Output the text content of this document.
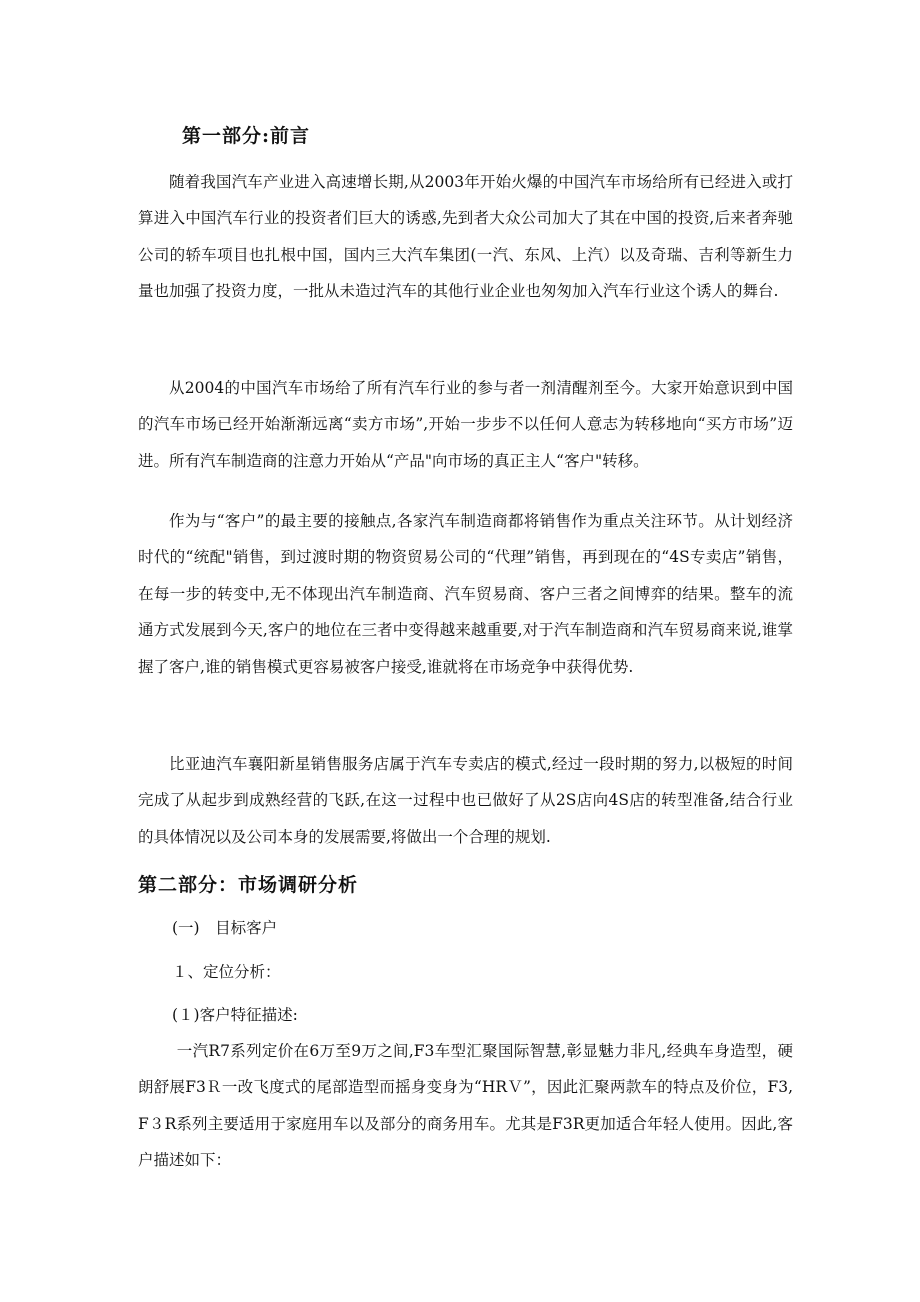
第一部分:前言

随着我国汽车产业进入高速增长期,从2003年开始火爆的中国汽车市场给所有已经进入或打算进入中国汽车行业的投资者们巨大的诱惑,先到者大众公司加大了其在中国的投资,后来者奔驰公司的轿车项目也扎根中国，国内三大汽车集团(一汽、东风、上汽）以及奇瑞、吉利等新生力量也加强了投资力度，一批从未造过汽车的其他行业企业也匆匆加入汽车行业这个诱人的舞台.

从2004的中国汽车市场给了所有汽车行业的参与者一剂清醒剂至今。大家开始意识到中国的汽车市场已经开始渐渐远离“卖方市场”,开始一步步不以任何人意志为转移地向“买方市场”迈进。所有汽车制造商的注意力开始从“产品"向市场的真正主人“客户"转移。

作为与“客户”的最主要的接触点,各家汽车制造商都将销售作为重点关注环节。从计划经济时代的“统配"销售，到过渡时期的物资贸易公司的“代理”销售，再到现在的“4S专卖店”销售，在每一步的转变中,无不体现出汽车制造商、汽车贸易商、客户三者之间博弈的结果。整车的流通方式发展到今天,客户的地位在三者中变得越来越重要,对于汽车制造商和汽车贸易商来说,谁掌握了客户,谁的销售模式更容易被客户接受,谁就将在市场竞争中获得优势.

比亚迪汽车襄阳新星销售服务店属于汽车专卖店的模式,经过一段时期的努力,以极短的时间完成了从起步到成熟经营的飞跃,在这一过程中也已做好了从2S店向4S店的转型准备,结合行业的具体情况以及公司本身的发展需要,将做出一个合理的规划.

第二部分：市场调研分析

(一)　目标客户

１、定位分析：

(１)客户特征描述:

一汽R7系列定价在6万至9万之间,F3车型汇聚国际智慧,彰显魅力非凡,经典车身造型，硬朗舒展F3Ｒ一改飞度式的尾部造型而摇身变身为“HRＶ”，因此汇聚两款车的特点及价位，F3,F３R系列主要适用于家庭用车以及部分的商务用车。尤其是F3R更加适合年轻人使用。因此,客户描述如下：
